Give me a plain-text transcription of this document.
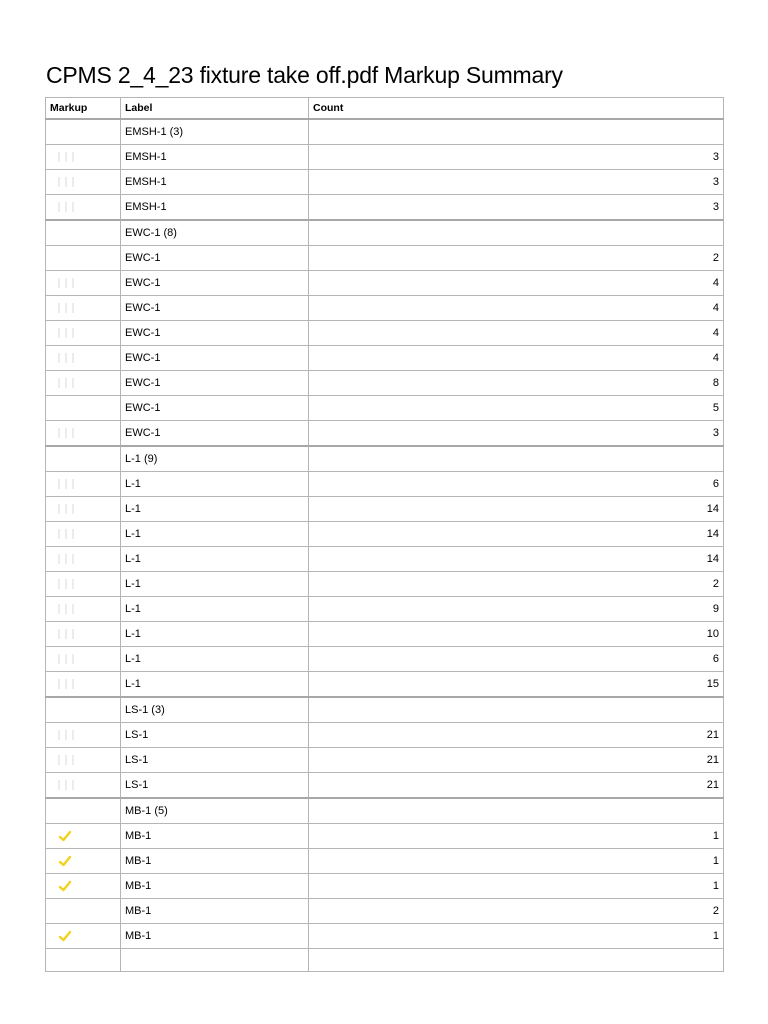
CPMS 2_4_23 fixture take off.pdf Markup Summary
Markup	Label	Count
	EMSH-1 (3)	
	EMSH-1	3
	EMSH-1	3
	EMSH-1	3
	EWC-1 (8)	
	EWC-1	2
	EWC-1	4
	EWC-1	4
	EWC-1	4
	EWC-1	4
	EWC-1	8
	EWC-1	5
	EWC-1	3
	L-1 (9)	
	L-1	6
	L-1	14
	L-1	14
	L-1	14
	L-1	2
	L-1	9
	L-1	10
	L-1	6
	L-1	15
	LS-1 (3)	
	LS-1	21
	LS-1	21
	LS-1	21
	MB-1 (5)	

	MB-1	1

	MB-1	1

	MB-1	1
	MB-1	2

	MB-1	1
